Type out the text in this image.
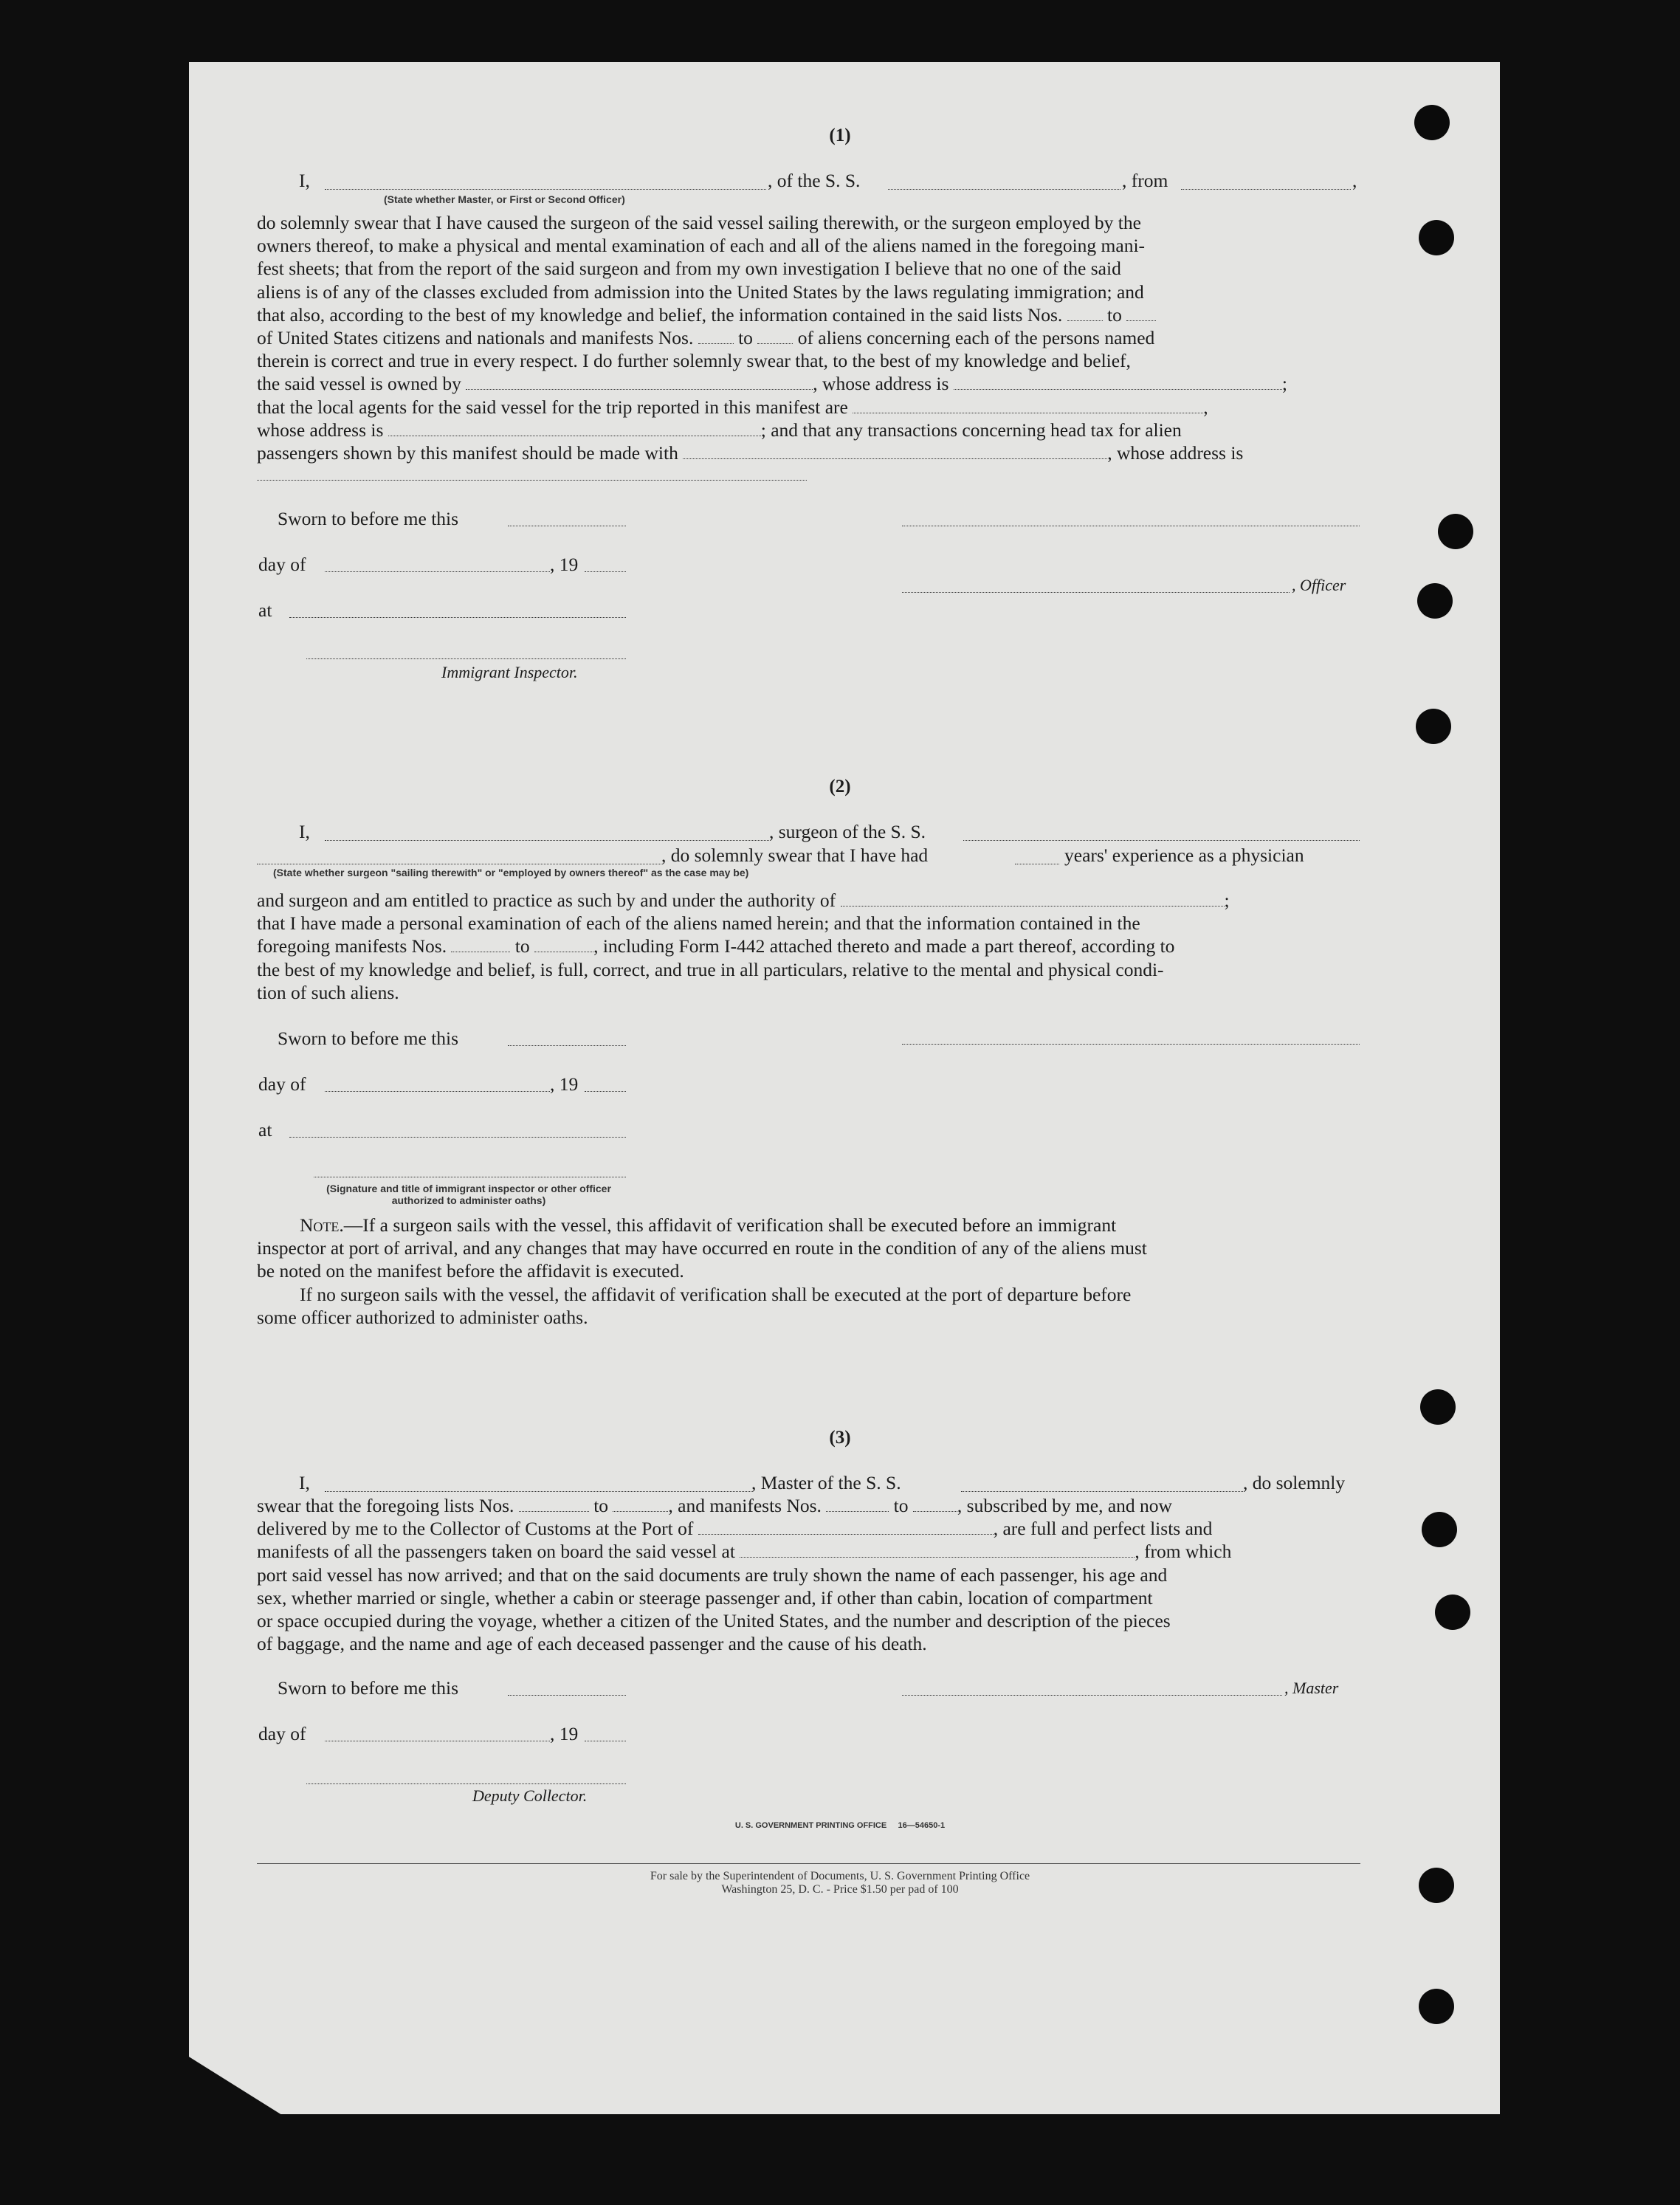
(1)
I,	, of the S. S.	, from	,
(State whether Master, or First or Second Officer)
do solemnly swear that I have caused the surgeon of the said vessel sailing therewith, or the surgeon employed by the
owners thereof, to make a physical and mental examination of each and all of the aliens named in the foregoing mani-
fest sheets; that from the report of the said surgeon and from my own investigation I believe that no one of the said
aliens is of any of the classes excluded from admission into the United States by the laws regulating immigration; and
that also, according to the best of my knowledge and belief, the information contained in the said lists Nos. to
of United States citizens and nationals and manifests Nos. to of aliens concerning each of the persons named
therein is correct and true in every respect. I do further solemnly swear that, to the best of my knowledge and belief,
the said vessel is owned by	, whose address is	;
that the local agents for the said vessel for the trip reported in this manifest are	,
whose address is	; and that any transactions concerning head tax for alien
passengers shown by this manifest should be made with	, whose address is
Sworn to before me this
day of	, 19
, Officer
at
Immigrant Inspector.
(2)
I,	, surgeon of the S. S.
, do solemnly swear that I have had	years' experience as a physician
(State whether surgeon "sailing therewith" or "employed by owners thereof" as the case may be)
and surgeon and am entitled to practice as such by and under the authority of	;
that I have made a personal examination of each of the aliens named herein; and that the information contained in the
foregoing manifests Nos.	to	, including Form I-442 attached thereto and made a part thereof, according to
the best of my knowledge and belief, is full, correct, and true in all particulars, relative to the mental and physical condi-
tion of such aliens.
Sworn to before me this
day of	, 19
at
(Signature and title of immigrant inspector or other officer authorized to administer oaths)
Note.—If a surgeon sails with the vessel, this affidavit of verification shall be executed before an immigrant
inspector at port of arrival, and any changes that may have occurred en route in the condition of any of the aliens must
be noted on the manifest before the affidavit is executed.
If no surgeon sails with the vessel, the affidavit of verification shall be executed at the port of departure before
some officer authorized to administer oaths.
(3)
I,	, Master of the S. S.	, do solemnly
swear that the foregoing lists Nos.	to	, and manifests Nos.	to	, subscribed by me, and now
delivered by me to the Collector of Customs at the Port of	, are full and perfect lists and
manifests of all the passengers taken on board the said vessel at	, from which
port said vessel has now arrived; and that on the said documents are truly shown the name of each passenger, his age and
sex, whether married or single, whether a cabin or steerage passenger and, if other than cabin, location of compartment
or space occupied during the voyage, whether a citizen of the United States, and the number and description of the pieces
of baggage, and the name and age of each deceased passenger and the cause of his death.
Sworn to before me this	, Master
day of	, 19
Deputy Collector.
U. S. GOVERNMENT PRINTING OFFICE     16—54650-1
For sale by the Superintendent of Documents, U. S. Government Printing Office
Washington 25, D. C. - Price $1.50 per pad of 100
